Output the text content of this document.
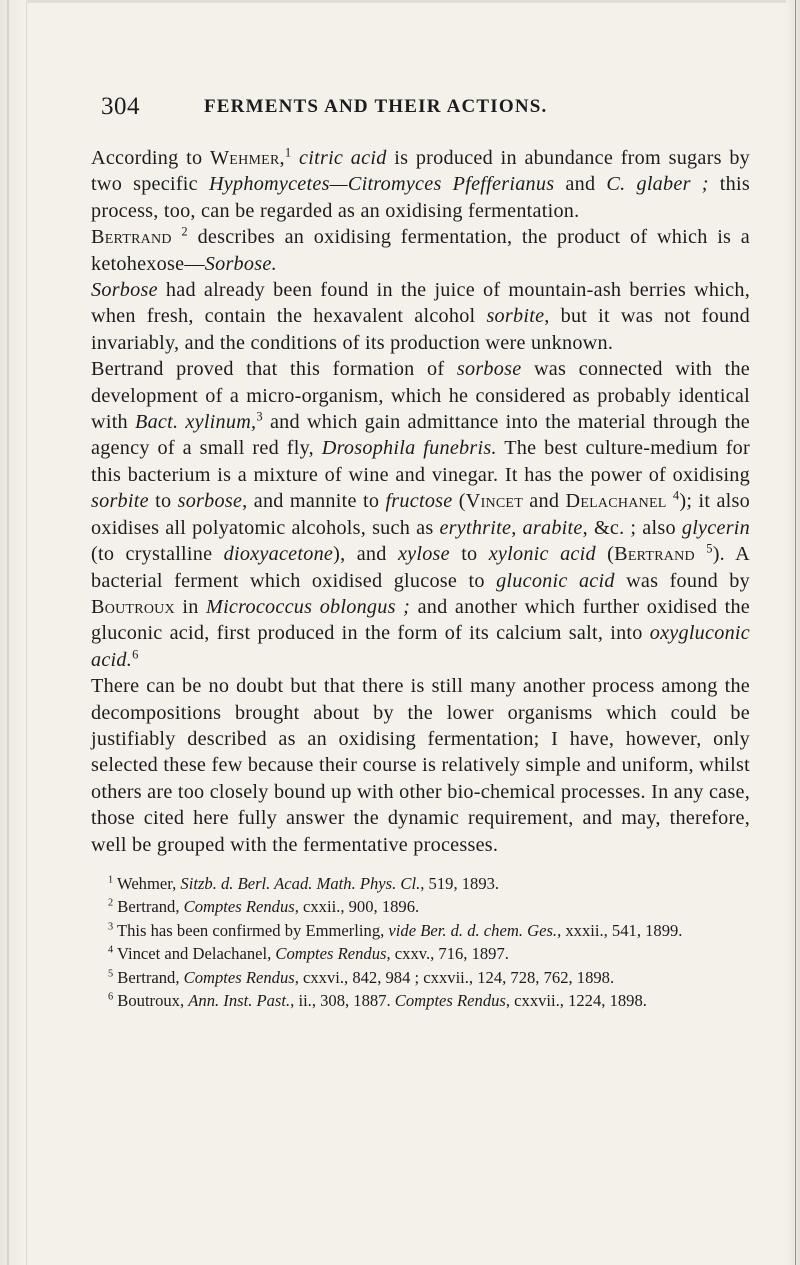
304	FERMENTS AND THEIR ACTIONS.

According to Wehmer,$^1$ citric acid is produced in abundance from sugars by two specific Hyphomycetes—Citromyces Pfefferianus and C. glaber ; this process, too, can be regarded as an oxidising fermentation.

Bertrand $^2$ describes an oxidising fermentation, the product of which is a ketohexose—Sorbose.

Sorbose had already been found in the juice of mountain-ash berries which, when fresh, contain the hexavalent alcohol sorbite, but it was not found invariably, and the conditions of its production were unknown.

Bertrand proved that this formation of sorbose was connected with the development of a micro-organism, which he considered as probably identical with Bact. xylinum,$^3$ and which gain admittance into the material through the agency of a small red fly, Drosophila funebris. The best culture-medium for this bacterium is a mixture of wine and vinegar. It has the power of oxidising sorbite to sorbose, and mannite to fructose (Vincet and Delachanel $^4$); it also oxidises all polyatomic alcohols, such as erythrite, arabite, &c. ; also glycerin (to crystalline dioxyacetone), and xylose to xylonic acid (Bertrand $^5$). A bacterial ferment which oxidised glucose to gluconic acid was found by Boutroux in Micrococcus oblongus ; and another which further oxidised the gluconic acid, first produced in the form of its calcium salt, into oxygluconic acid.$^6$

There can be no doubt but that there is still many another process among the decompositions brought about by the lower organisms which could be justifiably described as an oxidising fermentation; I have, however, only selected these few because their course is relatively simple and uniform, whilst others are too closely bound up with other bio-chemical processes. In any case, those cited here fully answer the dynamic requirement, and may, therefore, well be grouped with the fermentative processes.

$^1$ Wehmer, Sitzb. d. Berl. Acad. Math. Phys. Cl., 519, 1893.

$^2$ Bertrand, Comptes Rendus, cxxii., 900, 1896.

$^3$ This has been confirmed by Emmerling, vide Ber. d. d. chem. Ges., xxxii., 541, 1899.

$^4$ Vincet and Delachanel, Comptes Rendus, cxxv., 716, 1897.

$^5$ Bertrand, Comptes Rendus, cxxvi., 842, 984 ; cxxvii., 124, 728, 762, 1898.

$^6$ Boutroux, Ann. Inst. Past., ii., 308, 1887. Comptes Rendus, cxxvii., 1224, 1898.
